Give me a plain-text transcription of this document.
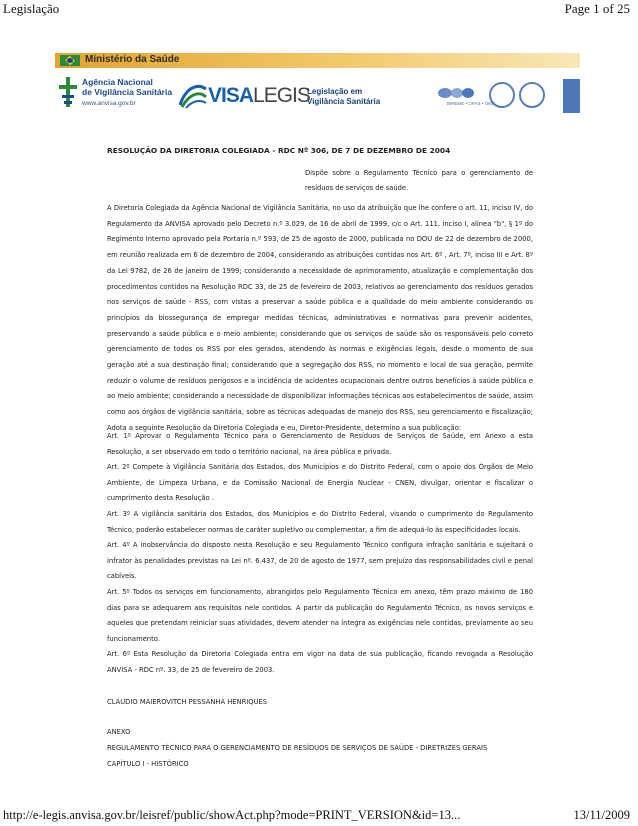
Legislação	Page 1 of 25
Ministério da Saúde
Agência Nacional
de Vigilância Sanitária
www.anvisa.gov.br	VISALEGIS
Legislação em
Vigilância Sanitária	BIREME • OPAS • OMS
RESOLUÇÃO DA DIRETORIA COLEGIADA - RDC Nº 306, DE 7 DE DEZEMBRO DE 2004
Dispõe sobre o Regulamento Técnico para o gerenciamento de resíduos de serviços de saúde.
A Diretoria Colegiada da Agência Nacional de Vigilância Sanitária, no uso da atribuição que lhe confere o art. 11, inciso IV, do Regulamento da ANVISA aprovado pelo Decreto n.º 3.029, de 16 de abril de 1999, c/c o Art. 111, inciso I, alínea "b", § 1º do Regimento Interno aprovado pela Portaria n.º 593, de 25 de agosto de 2000, publicada no DOU de 22 de dezembro de 2000, em reunião realizada em 6 de dezembro de 2004, considerando as atribuições contidas nos Art. 6º , Art. 7º, inciso III e Art. 8º da Lei 9782, de 26 de janeiro de 1999; considerando a necessidade de aprimoramento, atualização e complementação dos procedimentos contidos na Resolução RDC 33, de 25 de fevereiro de 2003, relativos ao gerenciamento dos resíduos gerados nos serviços de saúde - RSS, com vistas a preservar a saúde pública e a qualidade do meio ambiente considerando os princípios da biossegurança de empregar medidas técnicas, administrativas e normativas para prevenir acidentes, preservando a saúde pública e o meio ambiente; considerando que os serviços de saúde são os responsáveis pelo correto gerenciamento de todos os RSS por eles gerados, atendendo às normas e exigências legais, desde o momento de sua geração até a sua destinação final; considerando que a segregação dos RSS, no momento e local de sua geração, permite reduzir o volume de resíduos perigosos e a incidência de acidentes ocupacionais dentre outros benefícios à saúde pública e ao meio ambiente; considerando a necessidade de disponibilizar informações técnicas aos estabelecimentos de saúde, assim como aos órgãos de vigilância sanitária, sobre as técnicas adequadas de manejo dos RSS, seu gerenciamento e fiscalização; Adota a seguinte Resolução da Diretoria Colegiada e eu, Diretor-Presidente, determino a sua publicação:

Art. 1º Aprovar o Regulamento Técnico para o Gerenciamento de Resíduos de Serviços de Saúde, em Anexo a esta Resolução, a ser observado em todo o território nacional, na área pública e privada.

Art. 2º Compete à Vigilância Sanitária dos Estados, dos Municípios e do Distrito Federal, com o apoio dos Órgãos de Meio Ambiente, de Limpeza Urbana, e da Comissão Nacional de Energia Nuclear - CNEN, divulgar, orientar e fiscalizar o cumprimento desta Resolução .

Art. 3º A vigilância sanitária dos Estados, dos Municípios e do Distrito Federal, visando o cumprimento do Regulamento Técnico, poderão estabelecer normas de caráter supletivo ou complementar, a fim de adequá-lo às especificidades locais.

Art. 4º A inobservância do disposto nesta Resolução e seu Regulamento Técnico configura infração sanitária e sujeitará o infrator às penalidades previstas na Lei nº. 6.437, de 20 de agosto de 1977, sem prejuízo das responsabilidades civil e penal cabíveis.

Art. 5º Todos os serviços em funcionamento, abrangidos pelo Regulamento Técnico em anexo, têm prazo máximo de 180 dias para se adequarem aos requisitos nele contidos. A partir da publicação do Regulamento Técnico, os novos serviços e aqueles que pretendam reiniciar suas atividades, devem atender na íntegra as exigências nele contidas, previamente ao seu funcionamento.

Art. 6º Esta Resolução da Diretoria Colegiada entra em vigor na data de sua publicação, ficando revogada a Resolução ANVISA - RDC nº. 33, de 25 de fevereiro de 2003.

CLÁUDIO MAIEROVITCH PESSANHA HENRIQUES
ANEXO
REGULAMENTO TÉCNICO PARA O GERENCIAMENTO DE RESÍDUOS DE SERVIÇOS DE SAÚDE - DIRETRIZES GERAIS
CAPÍTULO I - HISTÓRICO
http://e-legis.anvisa.gov.br/leisref/public/showAct.php?mode=PRINT_VERSION&id=13...	13/11/2009
